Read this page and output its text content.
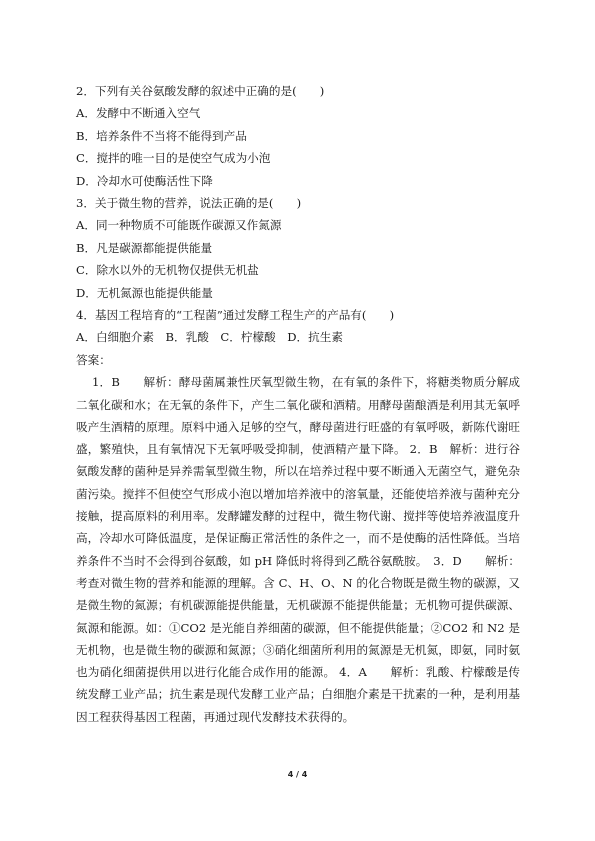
2．下列有关谷氨酸发酵的叙述中正确的是(　　)
A．发酵中不断通入空气
B．培养条件不当将不能得到产品
C．搅拌的唯一目的是使空气成为小泡
D．冷却水可使酶活性下降
3．关于微生物的营养，说法正确的是(　　)
A．同一种物质不可能既作碳源又作氮源
B．凡是碳源都能提供能量
C．除水以外的无机物仅提供无机盐
D．无机氮源也能提供能量
4．基因工程培育的“工程菌”通过发酵工程生产的产品有(　　)
A．白细胞介素　B．乳酸　C．柠檬酸　D．抗生素
答案：
1．B　　解析：酵母菌属兼性厌氧型微生物，在有氧的条件下，将糖类物质分解成二氧化碳和水；在无氧的条件下，产生二氧化碳和酒精。用酵母菌酿酒是利用其无氧呼吸产生酒精的原理。原料中通入足够的空气，酵母菌进行旺盛的有氧呼吸，新陈代谢旺盛，繁殖快，且有氧情况下无氧呼吸受抑制，使酒精产量下降。 2．B　解析：进行谷氨酸发酵的菌种是异养需氧型微生物，所以在培养过程中要不断通入无菌空气，避免杂菌污染。搅拌不但使空气形成小泡以增加培养液中的溶氧量，还能使培养液与菌种充分接触，提高原料的利用率。发酵罐发酵的过程中，微生物代谢、搅拌等使培养液温度升高，冷却水可降低温度，是保证酶正常活性的条件之一，而不是使酶的活性降低。当培养条件不当时不会得到谷氨酸，如 pH 降低时将得到乙酰谷氨酰胺。　3．D　　解析：考查对微生物的营养和能源的理解。含 C、H、O、N 的化合物既是微生物的碳源，又是微生物的氮源；有机碳源能提供能量，无机碳源不能提供能量；无机物可提供碳源、氮源和能源。如：①CO2 是光能自养细菌的碳源，但不能提供能量；②CO2 和 N2 是无机物，也是微生物的碳源和氮源；③硝化细菌所利用的氮源是无机氮，即氨，同时氨也为硝化细菌提供用以进行化能合成作用的能源。 4．A　　解析：乳酸、柠檬酸是传统发酵工业产品；抗生素是现代发酵工业产品；白细胞介素是干扰素的一种，是利用基因工程获得基因工程菌，再通过现代发酵技术获得的。
4 / 4
